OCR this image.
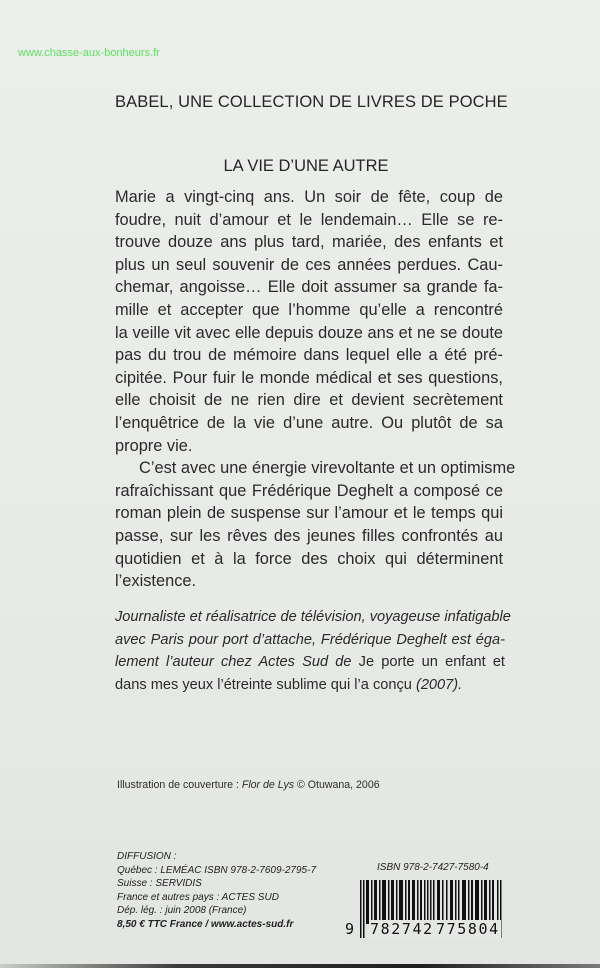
www.chasse-aux-bonheurs.fr
BABEL, UNE COLLECTION DE LIVRES DE POCHE
LA VIE D’UNE AUTRE
Marie a vingt-cinq ans. Un soir de fête, coup de
foudre, nuit d’amour et le lendemain… Elle se re-
trouve douze ans plus tard, mariée, des enfants et
plus un seul souvenir de ces années perdues. Cau-
chemar, angoisse… Elle doit assumer sa grande fa-
mille et accepter que l’homme qu’elle a rencontré
la veille vit avec elle depuis douze ans et ne se doute
pas du trou de mémoire dans lequel elle a été pré-
cipitée. Pour fuir le monde médical et ses questions,
elle choisit de ne rien dire et devient secrètement
l’enquêtrice de la vie d’une autre. Ou plutôt de sa
propre vie.
C’est avec une énergie virevoltante et un optimisme
rafraîchissant que Frédérique Deghelt a composé ce
roman plein de suspense sur l’amour et le temps qui
passe, sur les rêves des jeunes filles confrontés au
quotidien et à la force des choix qui déterminent
l’existence.
Journaliste et réalisatrice de télévision, voyageuse infatigable
avec Paris pour port d’attache, Frédérique Deghelt est éga-
lement l’auteur chez Actes Sud de Je porte un enfant et
dans mes yeux l’étreinte sublime qui l’a conçu (2007).
Illustration de couverture : Flor de Lys © Otuwana, 2006
DIFFUSION :
Québec : LEMÉAC ISBN 978-2-7609-2795-7
Suisse : SERVIDIS
France et autres pays : ACTES SUD
Dép. lég. : juin 2008 (France)
8,50 € TTC France / www.actes-sud.fr
ISBN 978-2-7427-7580-4
9 782742 775804
